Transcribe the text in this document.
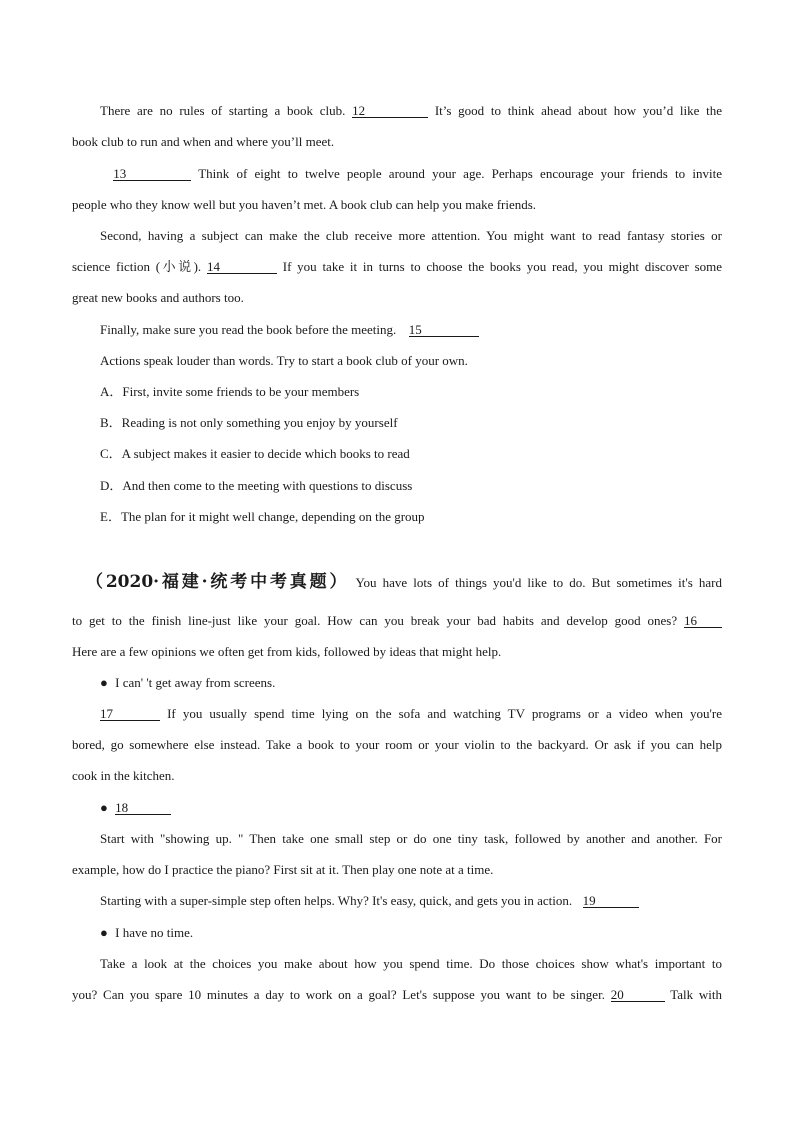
There are no rules of starting a book club. 12	It’s good to think ahead about how you’d like the

book club to run and when and where you’ll meet.

13	Think of eight to twelve people around your age. Perhaps encourage your friends to invite

people who they know well but you haven’t met. A book club can help you make friends.

Second, having a subject can make the club receive more attention. You might want to read fantasy stories or

science fiction (小说). 14	If you take it in turns to choose the books you read, you might discover some

great new books and authors too.

Finally, make sure you read the book before the meeting. 15

Actions speak louder than words. Try to start a book club of your own.

A．First, invite some friends to be your members

B．Reading is not only something you enjoy by yourself

C．A subject makes it easier to decide which books to read

D．And then come to the meeting with questions to discuss

E．The plan for it might well change, depending on the group

（2020·福建·统考中考真题） You have lots of things you'd like to do. But sometimes it's hard

to get to the finish line-just like your goal. How can you break your bad habits and develop good ones? 16

Here are a few opinions we often get from kids, followed by ideas that might help.

● I can' 't get away from screens.

17	If you usually spend time lying on the sofa and watching TV programs or a video when you're

bored, go somewhere else instead. Take a book to your room or your violin to the backyard. Or ask if you can help

cook in the kitchen.

● 18

Start with "showing up. " Then take one small step or do one tiny task, followed by another and another. For

example, how do I practice the piano? First sit at it. Then play one note at a time.

Starting with a super-simple step often helps. Why? It's easy, quick, and gets you in action. 19

● I have no time.

Take a look at the choices you make about how you spend time. Do those choices show what's important to

you? Can you spare 10 minutes a day to work on a goal? Let's suppose you want to be singer. 20	Talk with
